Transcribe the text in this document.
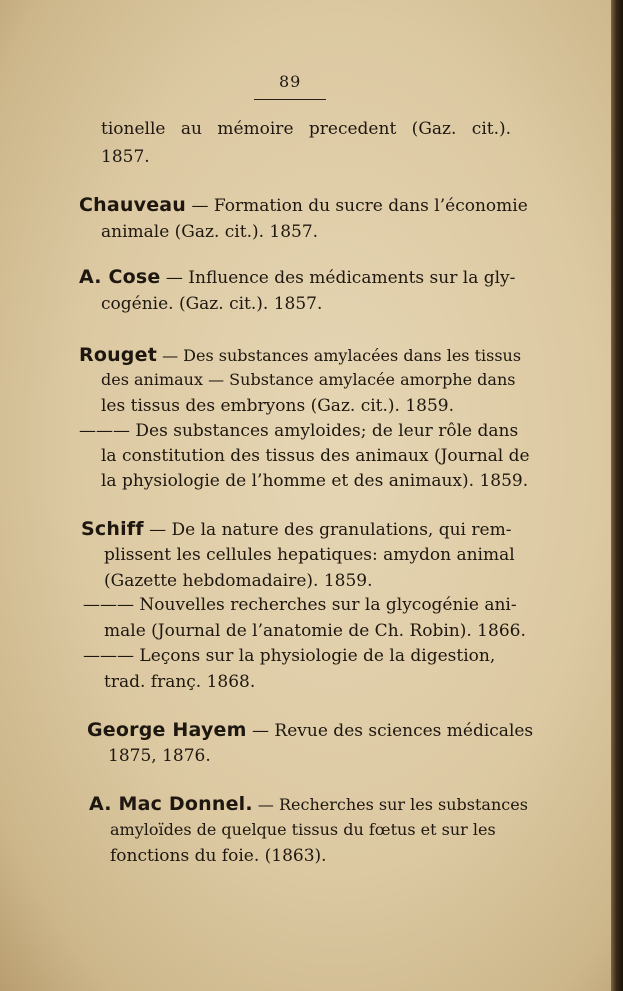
89
tionelle au mémoire precedent (Gaz. cit.).
1857.
Chauveau — Formation du sucre dans l’économie
animale (Gaz. cit.). 1857.
A. Cose — Influence des médicaments sur la gly-
cogénie. (Gaz. cit.). 1857.
Rouget — Des substances amylacées dans les tissus
des animaux — Substance amylacée amorphe dans
les tissus des embryons (Gaz. cit.). 1859.
——— Des substances amyloides; de leur rôle dans
la constitution des tissus des animaux (Journal de
la physiologie de l’homme et des animaux). 1859.
Schiff — De la nature des granulations, qui rem-
plissent les cellules hepatiques: amydon animal
(Gazette hebdomadaire). 1859.
——— Nouvelles recherches sur la glycogénie ani-
male (Journal de l’anatomie de Ch. Robin). 1866.
——— Leçons sur la physiologie de la digestion,
trad. franç. 1868.
George Hayem — Revue des sciences médicales
1875, 1876.
A. Mac Donnel. — Recherches sur les substances
amyloïdes de quelque tissus du fœtus et sur les
fonctions du foie. (1863).
